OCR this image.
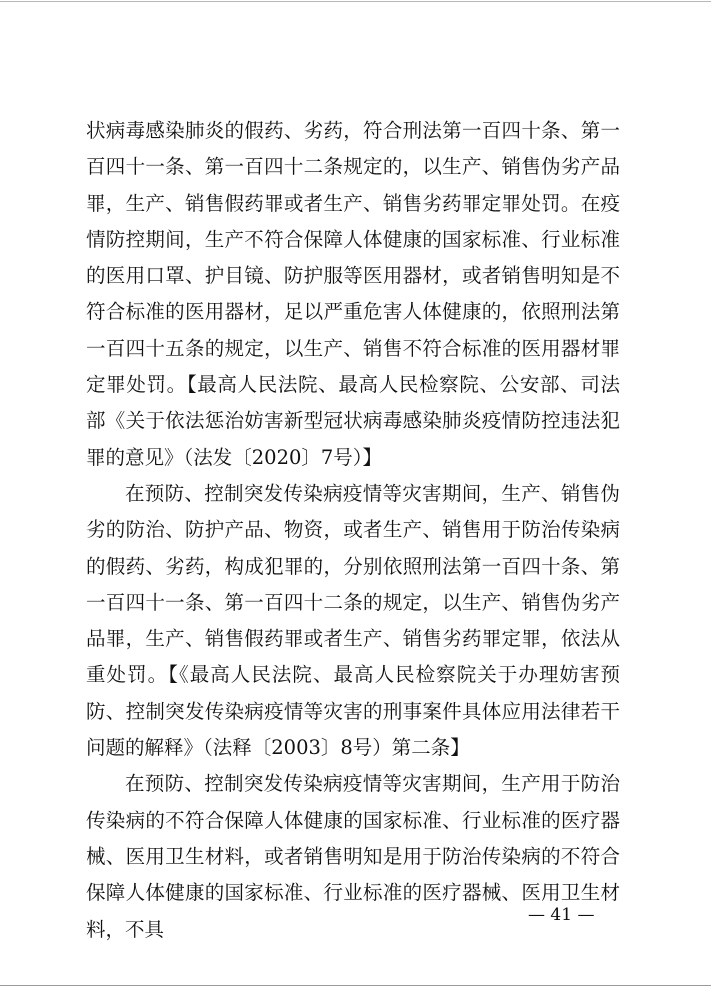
状病毒感染肺炎的假药、劣药，符合刑法第一百四十条、第一百四十一条、第一百四十二条规定的，以生产、销售伪劣产品罪，生产、销售假药罪或者生产、销售劣药罪定罪处罚。在疫情防控期间，生产不符合保障人体健康的国家标准、行业标准的医用口罩、护目镜、防护服等医用器材，或者销售明知是不符合标准的医用器材，足以严重危害人体健康的，依照刑法第一百四十五条的规定，以生产、销售不符合标准的医用器材罪定罪处罚。【最高人民法院、最高人民检察院、公安部、司法部《关于依法惩治妨害新型冠状病毒感染肺炎疫情防控违法犯罪的意见》（法发〔2020〕7号）】

在预防、控制突发传染病疫情等灾害期间，生产、销售伪劣的防治、防护产品、物资，或者生产、销售用于防治传染病的假药、劣药，构成犯罪的，分别依照刑法第一百四十条、第一百四十一条、第一百四十二条的规定，以生产、销售伪劣产品罪，生产、销售假药罪或者生产、销售劣药罪定罪，依法从重处罚。【《最高人民法院、最高人民检察院关于办理妨害预防、控制突发传染病疫情等灾害的刑事案件具体应用法律若干问题的解释》（法释〔2003〕8号）第二条】

在预防、控制突发传染病疫情等灾害期间，生产用于防治传染病的不符合保障人体健康的国家标准、行业标准的医疗器械、医用卫生材料，或者销售明知是用于防治传染病的不符合保障人体健康的国家标准、行业标准的医疗器械、医用卫生材料，不具

— 41 —
